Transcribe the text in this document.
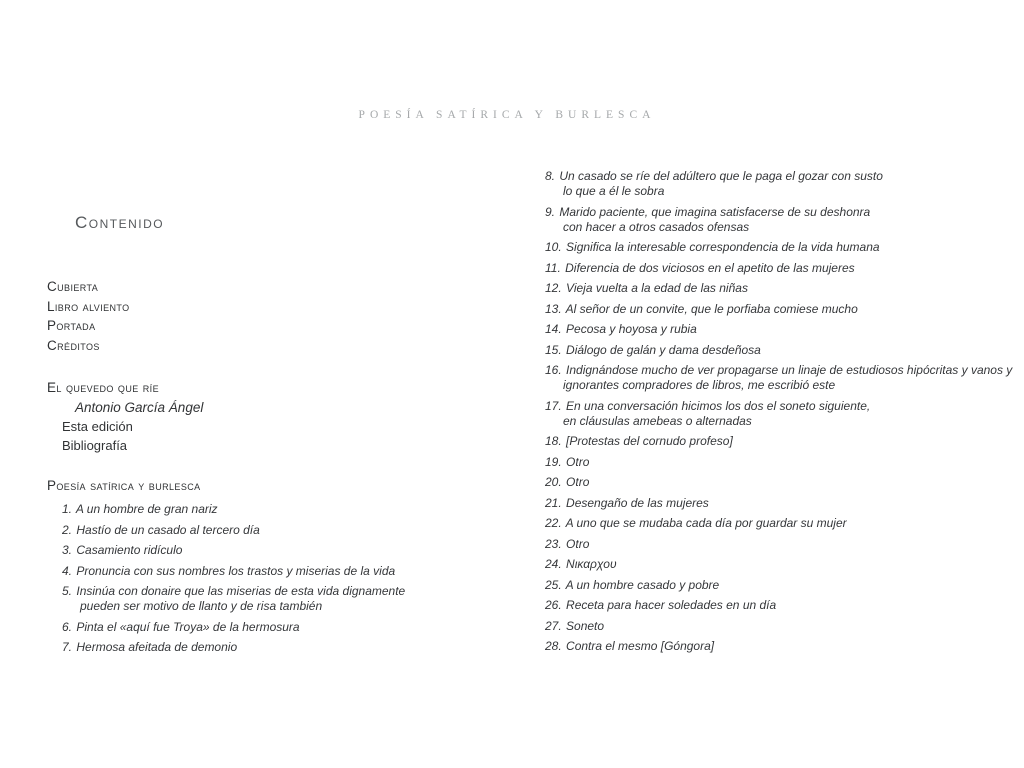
POESÍA SATÍRICA Y BURLESCA
Contenido
Cubierta
Libro alviento
Portada
Créditos
El quevedo que ríe
Antonio García Ángel
Esta edición
Bibliografía
Poesía satírica y burlesca
1. A un hombre de gran nariz
2. Hastío de un casado al tercero día
3. Casamiento ridículo
4. Pronuncia con sus nombres los trastos y miserias de la vida
5. Insinúa con donaire que las miserias de esta vida dignamente
pueden ser motivo de llanto y de risa también
6. Pinta el «aquí fue Troya» de la hermosura
7. Hermosa afeitada de demonio
8. Un casado se ríe del adúltero que le paga el gozar con susto
lo que a él le sobra
9. Marido paciente, que imagina satisfacerse de su deshonra
con hacer a otros casados ofensas
10. Significa la interesable correspondencia de la vida humana
11. Diferencia de dos viciosos en el apetito de las mujeres
12. Vieja vuelta a la edad de las niñas
13. Al señor de un convite, que le porfiaba comiese mucho
14. Pecosa y hoyosa y rubia
15. Diálogo de galán y dama desdeñosa
16. Indignándose mucho de ver propagarse un linaje de estudiosos hipócritas y vanos y
ignorantes compradores de libros, me escribió este
17. En una conversación hicimos los dos el soneto siguiente,
en cláusulas amebeas o alternadas
18. [Protestas del cornudo profeso]
19. Otro
20. Otro
21. Desengaño de las mujeres
22. A uno que se mudaba cada día por guardar su mujer
23. Otro
24. Νικαρχου
25. A un hombre casado y pobre
26. Receta para hacer soledades en un día
27. Soneto
28. Contra el mesmo [Góngora]
